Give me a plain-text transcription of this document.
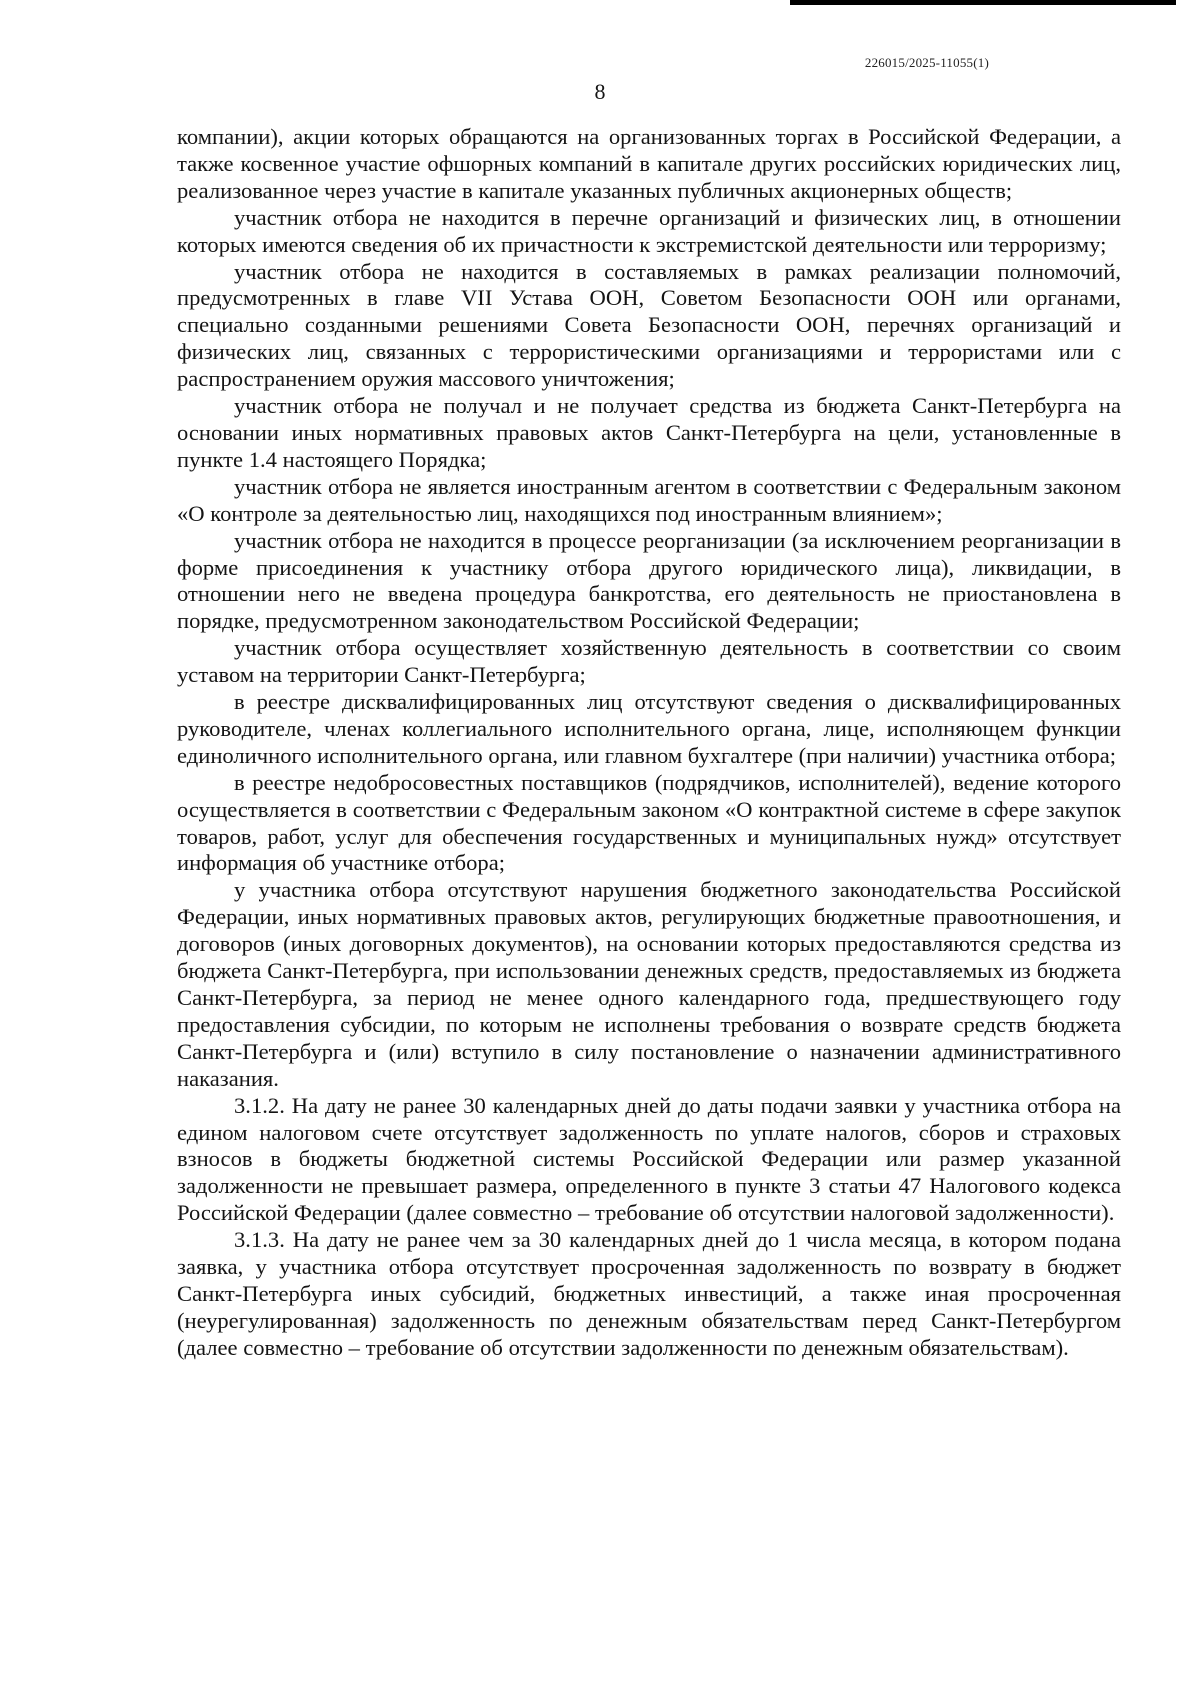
226015/2025-11055(1)
8

компании), акции которых обращаются на организованных торгах в Российской Федерации, а также косвенное участие офшорных компаний в капитале других российских юридических лиц, реализованное через участие в капитале указанных публичных акционерных обществ;

участник отбора не находится в перечне организаций и физических лиц, в отношении которых имеются сведения об их причастности к экстремистской деятельности или терроризму;

участник отбора не находится в составляемых в рамках реализации полномочий, предусмотренных в главе VII Устава ООН, Советом Безопасности ООН или органами, специально созданными решениями Совета Безопасности ООН, перечнях организаций и физических лиц, связанных с террористическими организациями и террористами или с распространением оружия массового уничтожения;

участник отбора не получал и не получает средства из бюджета Санкт-Петербурга на основании иных нормативных правовых актов Санкт-Петербурга на цели, установленные в пункте 1.4 настоящего Порядка;

участник отбора не является иностранным агентом в соответствии с Федеральным законом «О контроле за деятельностью лиц, находящихся под иностранным влиянием»;

участник отбора не находится в процессе реорганизации (за исключением реорганизации в форме присоединения к участнику отбора другого юридического лица), ликвидации, в отношении него не введена процедура банкротства, его деятельность не приостановлена в порядке, предусмотренном законодательством Российской Федерации;

участник отбора осуществляет хозяйственную деятельность в соответствии со своим уставом на территории Санкт-Петербурга;

в реестре дисквалифицированных лиц отсутствуют сведения о дисквалифицированных руководителе, членах коллегиального исполнительного органа, лице, исполняющем функции единоличного исполнительного органа, или главном бухгалтере (при наличии) участника отбора;

в реестре недобросовестных поставщиков (подрядчиков, исполнителей), ведение которого осуществляется в соответствии с Федеральным законом «О контрактной системе в сфере закупок товаров, работ, услуг для обеспечения государственных и муниципальных нужд» отсутствует информация об участнике отбора;

у участника отбора отсутствуют нарушения бюджетного законодательства Российской Федерации, иных нормативных правовых актов, регулирующих бюджетные правоотношения, и договоров (иных договорных документов), на основании которых предоставляются средства из бюджета Санкт-Петербурга, при использовании денежных средств, предоставляемых из бюджета Санкт-Петербурга, за период не менее одного календарного года, предшествующего году предоставления субсидии, по которым не исполнены требования о возврате средств бюджета Санкт-Петербурга и (или) вступило в силу постановление о назначении административного наказания.

3.1.2. На дату не ранее 30 календарных дней до даты подачи заявки у участника отбора на едином налоговом счете отсутствует задолженность по уплате налогов, сборов и страховых взносов в бюджеты бюджетной системы Российской Федерации или размер указанной задолженности не превышает размера, определенного в пункте 3 статьи 47 Налогового кодекса Российской Федерации (далее совместно – требование об отсутствии налоговой задолженности).

3.1.3. На дату не ранее чем за 30 календарных дней до 1 числа месяца, в котором подана заявка, у участника отбора отсутствует просроченная задолженность по возврату в бюджет Санкт-Петербурга иных субсидий, бюджетных инвестиций, а также иная просроченная (неурегулированная) задолженность по денежным обязательствам перед Санкт-Петербургом (далее совместно – требование об отсутствии задолженности по денежным обязательствам).
